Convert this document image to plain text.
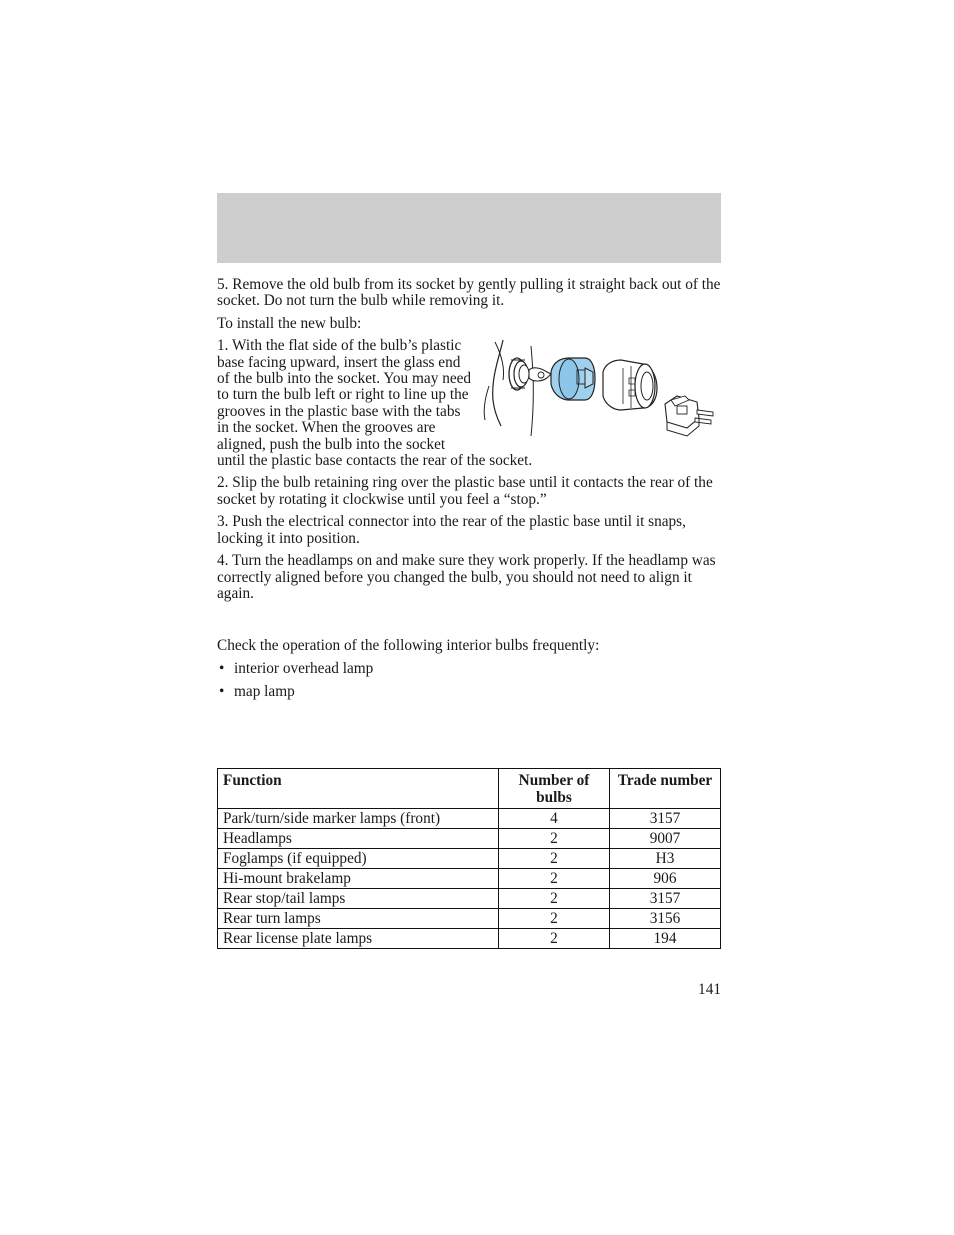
5. Remove the old bulb from its socket by gently pulling it straight back out of the socket. Do not turn the bulb while removing it.

To install the new bulb:

1. With the flat side of the bulb’s plastic base facing upward, insert the glass end of the bulb into the socket. You may need to turn the bulb left or right to line up the grooves in the plastic base with the tabs in the socket. When the grooves are aligned, push the bulb into the socket until the plastic base contacts the rear of the socket.

2. Slip the bulb retaining ring over the plastic base until it contacts the rear of the socket by rotating it clockwise until you feel a “stop.”

3. Push the electrical connector into the rear of the plastic base until it snaps, locking it into position.

4. Turn the headlamps on and make sure they work properly. If the headlamp was correctly aligned before you changed the bulb, you should not need to align it again.

Check the operation of the following interior bulbs frequently:

• interior overhead lamp
• map lamp
Function	Number of bulbs	Trade number
Park/turn/side marker lamps (front)	4	3157
Headlamps	2	9007
Foglamps (if equipped)	2	H3
Hi-mount brakelamp	2	906
Rear stop/tail lamps	2	3157
Rear turn lamps	2	3156
Rear license plate lamps	2	194
141
